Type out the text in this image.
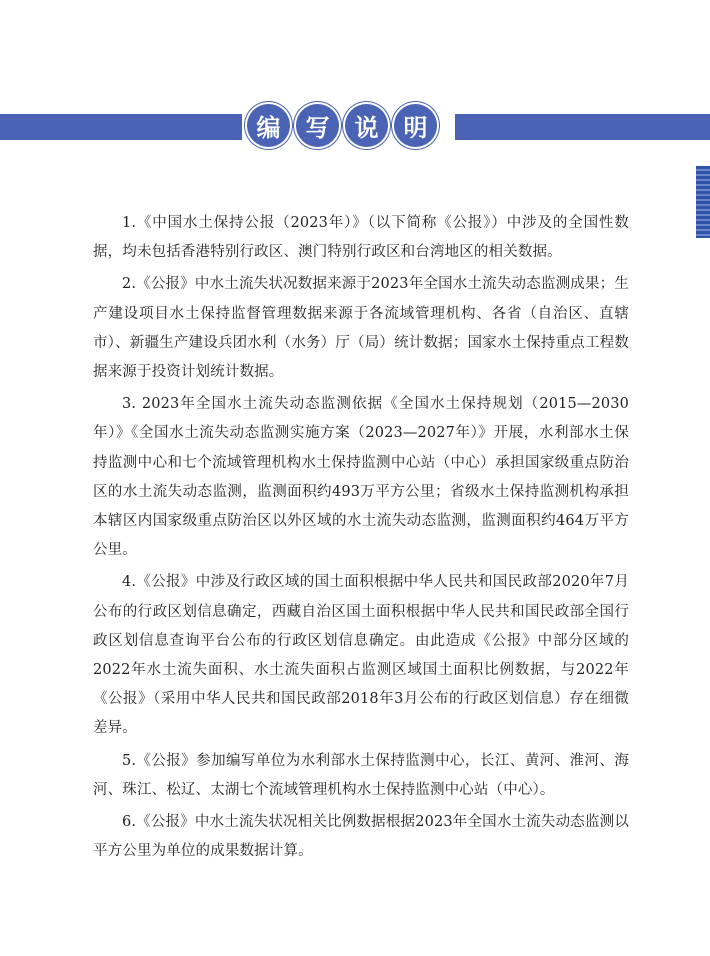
编	写	说	明

1.《中国水土保持公报（2023年）》（以下简称《公报》）中涉及的全国性数据，均未包括香港特别行政区、澳门特别行政区和台湾地区的相关数据。

2.《公报》中水土流失状况数据来源于2023年全国水土流失动态监测成果；生产建设项目水土保持监督管理数据来源于各流域管理机构、各省（自治区、直辖市）、新疆生产建设兵团水利（水务）厅（局）统计数据；国家水土保持重点工程数据来源于投资计划统计数据。

3. 2023年全国水土流失动态监测依据《全国水土保持规划（2015—2030年）》《全国水土流失动态监测实施方案（2023—2027年）》开展，水利部水土保持监测中心和七个流域管理机构水土保持监测中心站（中心）承担国家级重点防治区的水土流失动态监测，监测面积约493万平方公里；省级水土保持监测机构承担本辖区内国家级重点防治区以外区域的水土流失动态监测，监测面积约464万平方公里。

4.《公报》中涉及行政区域的国土面积根据中华人民共和国民政部2020年7月公布的行政区划信息确定，西藏自治区国土面积根据中华人民共和国民政部全国行政区划信息查询平台公布的行政区划信息确定。由此造成《公报》中部分区域的2022年水土流失面积、水土流失面积占监测区域国土面积比例数据，与2022年《公报》（采用中华人民共和国民政部2018年3月公布的行政区划信息）存在细微差异。

5.《公报》参加编写单位为水利部水土保持监测中心，长江、黄河、淮河、海河、珠江、松辽、太湖七个流域管理机构水土保持监测中心站（中心）。

6.《公报》中水土流失状况相关比例数据根据2023年全国水土流失动态监测以平方公里为单位的成果数据计算。
